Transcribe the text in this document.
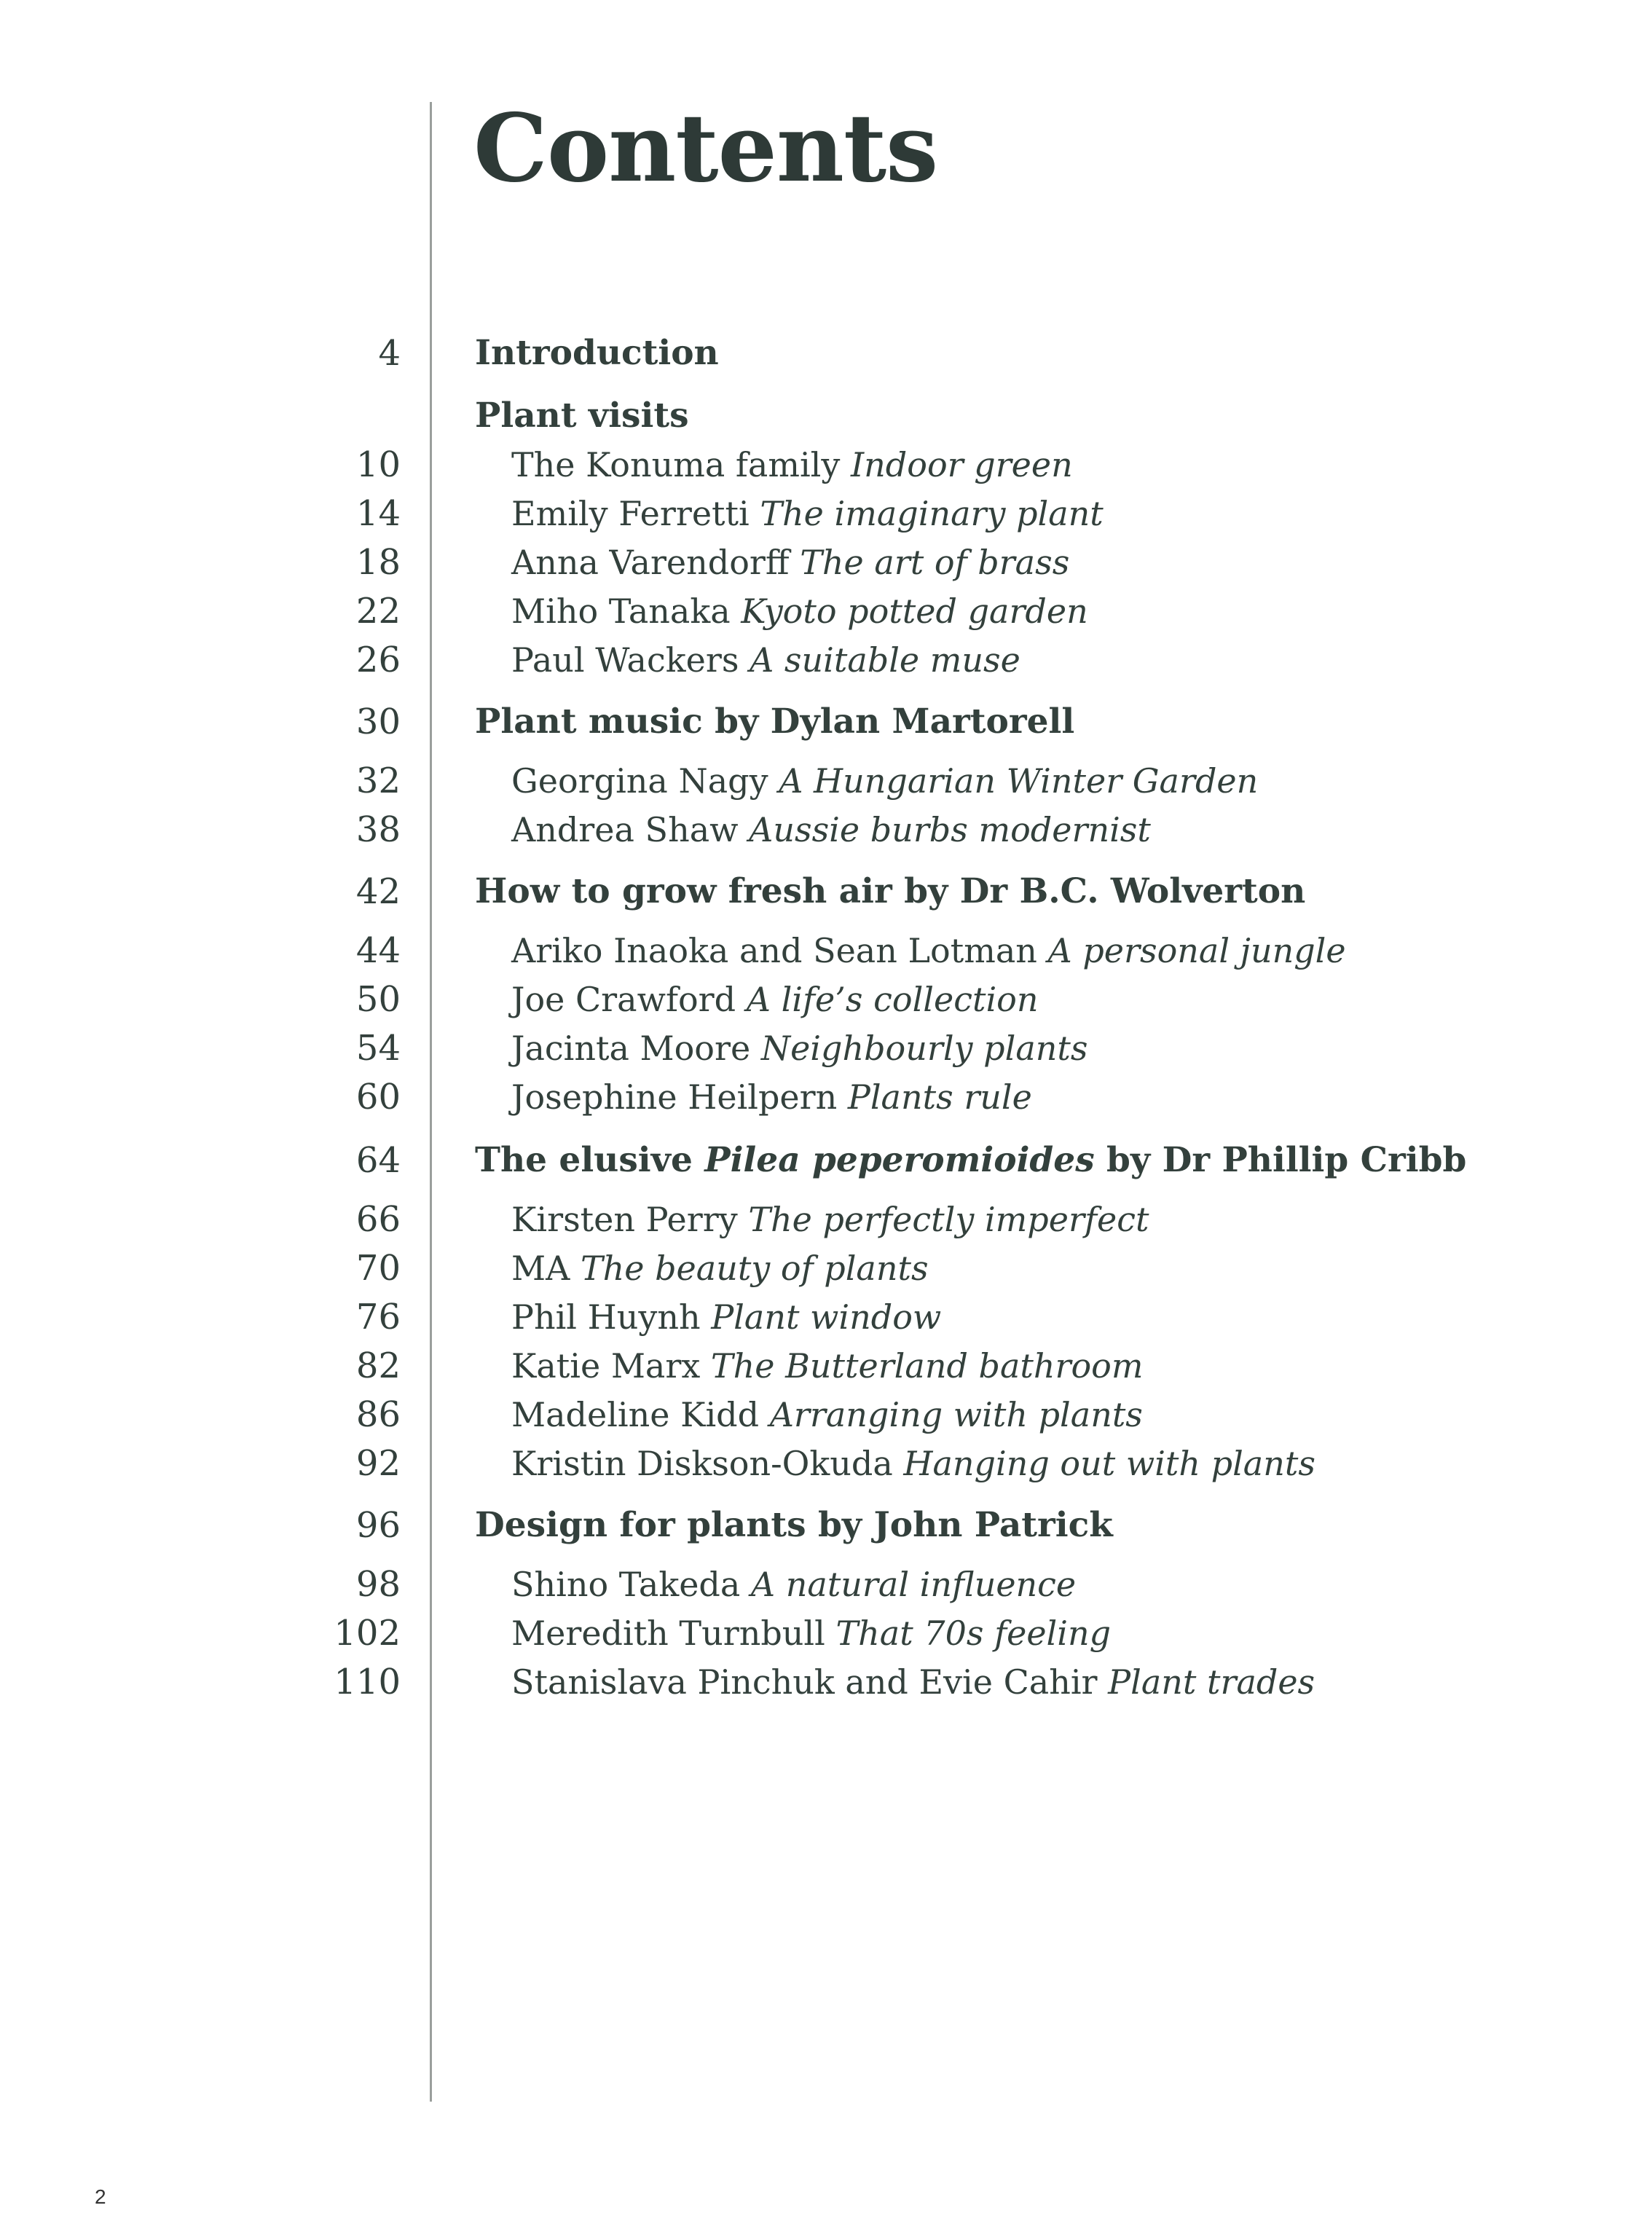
Contents
4 Introduction
Plant visits
10	The Konuma family Indoor green
14	Emily Ferretti The imaginary plant
18	Anna Varendorff The art of brass
22	Miho Tanaka Kyoto potted garden
26	Paul Wackers A suitable muse
30 Plant music by Dylan Martorell
32	Georgina Nagy A Hungarian Winter Garden
38	Andrea Shaw Aussie burbs modernist
42 How to grow fresh air by Dr B.C. Wolverton
44	Ariko Inaoka and Sean Lotman A personal jungle
50	Joe Crawford A life’s collection
54	Jacinta Moore Neighbourly plants
60	Josephine Heilpern Plants rule
64 The elusive Pilea peperomioides by Dr Phillip Cribb
66	Kirsten Perry The perfectly imperfect
70	MA The beauty of plants
76	Phil Huynh Plant window
82	Katie Marx The Butterland bathroom
86	Madeline Kidd Arranging with plants
92	Kristin Diskson-Okuda Hanging out with plants
96 Design for plants by John Patrick
98	Shino Takeda A natural influence
102	Meredith Turnbull That 70s feeling
110	Stanislava Pinchuk and Evie Cahir Plant trades
2
